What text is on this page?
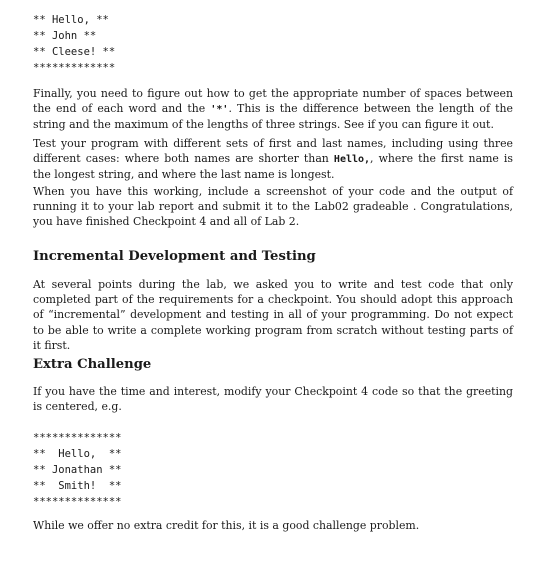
** Hello, **

** John **

** Cleese! **

*************

Finally, you need to figure out how to get the appropriate number of spaces between the end of each word and the '*'. This is the difference between the length of the string and the maximum of the lengths of three strings. See if you can figure it out.

Test your program with different sets of first and last names, including using three different cases: where both names are shorter than Hello,, where the first name is the longest string, and where the last name is longest.

When you have this working, include a screenshot of your code and the output of running it to your lab report and submit it to the Lab02 gradeable . Congratulations, you have finished Checkpoint 4 and all of Lab 2.

Incremental Development and Testing

At several points during the lab, we asked you to write and test code that only completed part of the requirements for a checkpoint. You should adopt this approach of “incremental” development and testing in all of your programming. Do not expect to be able to write a complete working program from scratch without testing parts of it first.

Extra Challenge

If you have the time and interest, modify your Checkpoint 4 code so that the greeting is centered, e.g.

**************

**  Hello,  **

** Jonathan **

**  Smith!  **

**************

While we offer no extra credit for this, it is a good challenge problem.
